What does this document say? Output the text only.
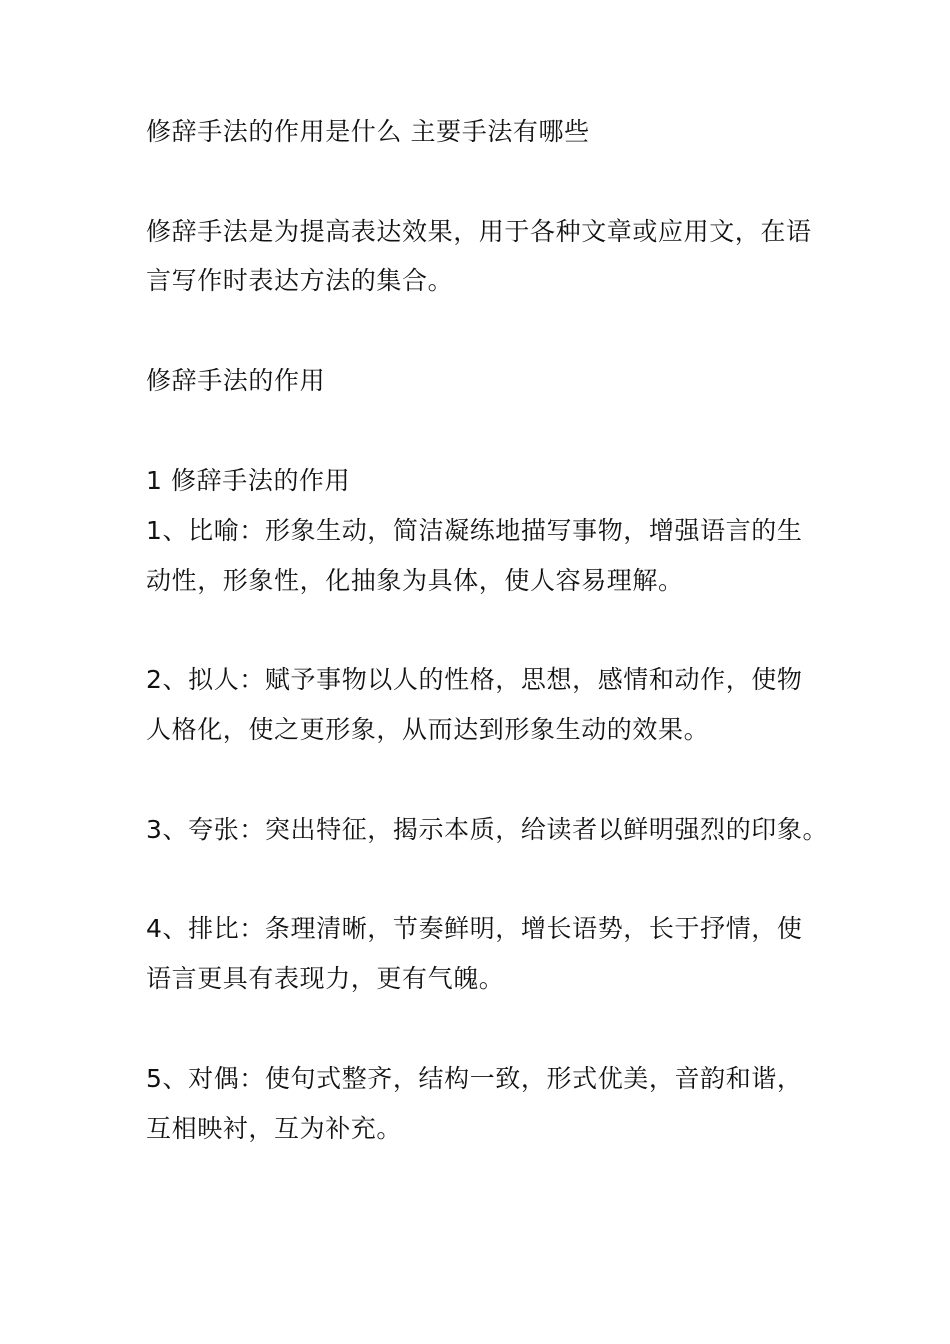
修辞手法的作用是什么 主要手法有哪些
修辞手法是为提高表达效果，用于各种文章或应用文，在语
言写作时表达方法的集合。
修辞手法的作用
1 修辞手法的作用
1、比喻：形象生动，简洁凝练地描写事物，增强语言的生
动性，形象性，化抽象为具体，使人容易理解。
2、拟人：赋予事物以人的性格，思想，感情和动作，使物
人格化，使之更形象，从而达到形象生动的效果。
3、夸张：突出特征，揭示本质，给读者以鲜明强烈的印象。
4、排比：条理清晰，节奏鲜明，增长语势，长于抒情，使
语言更具有表现力，更有气魄。
5、对偶：使句式整齐，结构一致，形式优美，音韵和谐，
互相映衬，互为补充。
